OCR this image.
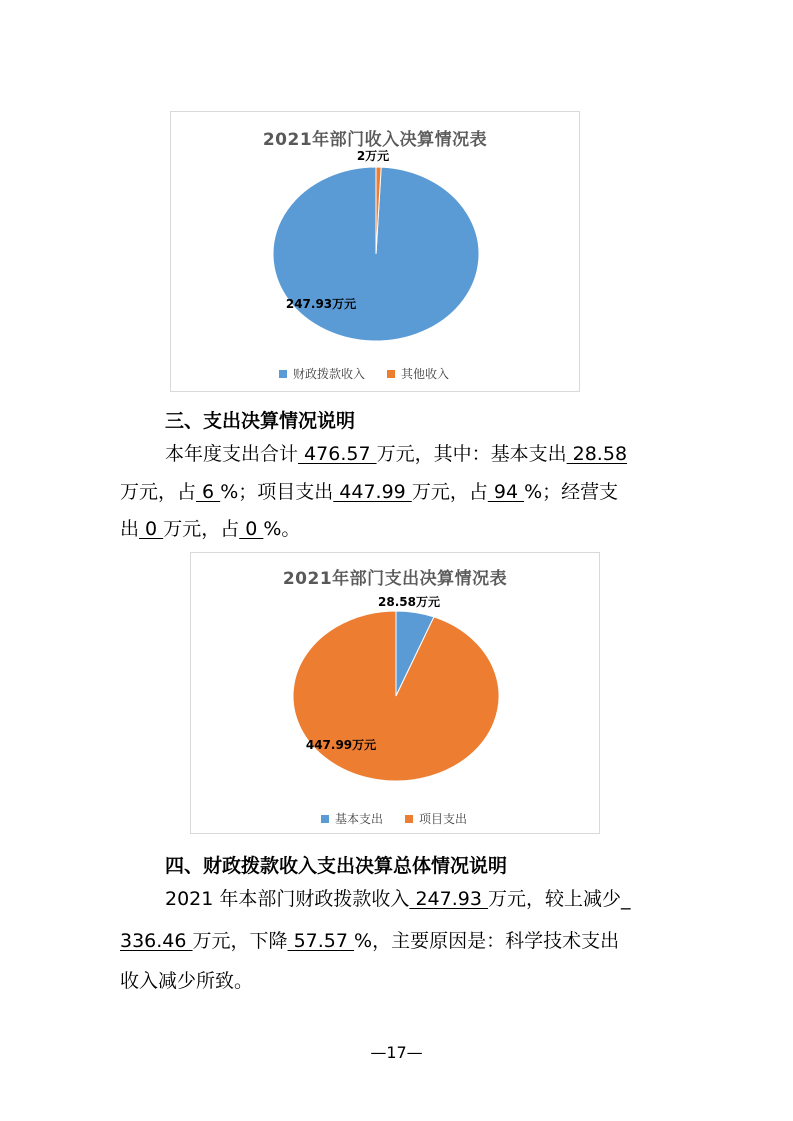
2021年部门收入决算情况表
247.93万元
2万元
财政拨款收入	其他收入
三、支出决算情况说明
本年度支出合计 476.57 万元，其中：基本支出 28.58
万元，占 6 %；项目支出 447.99 万元，占 94 %；经营支
出 0 万元，占 0 %。
2021年部门支出决算情况表
28.58万元
447.99万元
基本支出	项目支出
四、财政拨款收入支出决算总体情况说明
2021 年本部门财政拨款收入 247.93 万元，较上减少_
336.46 万元，下降 57.57 %，主要原因是：科学技术支出
收入减少所致。
—17—
